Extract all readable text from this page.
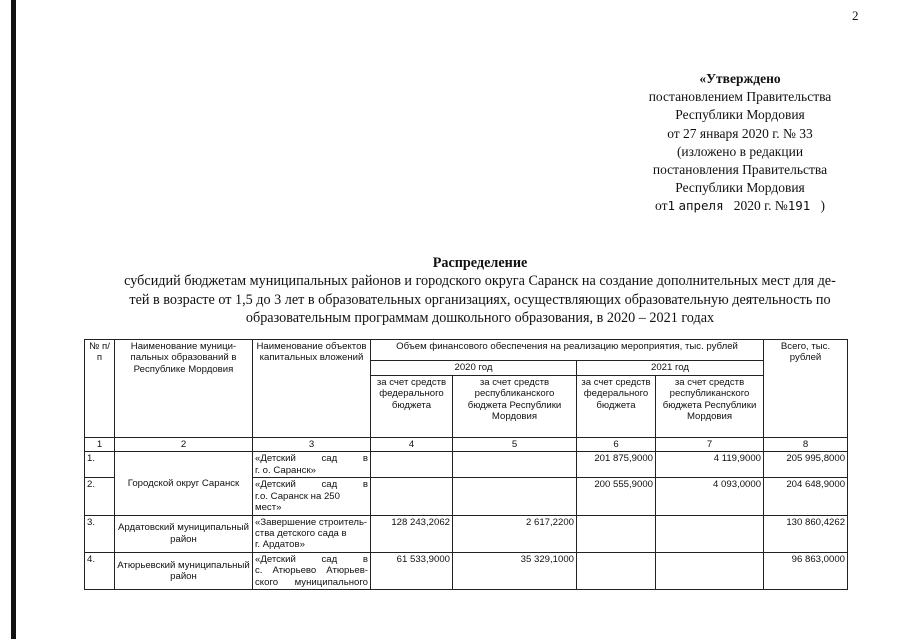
2
«Утверждено
постановлением Правительства
Республики Мордовия
от 27 января 2020 г. № 33
(изложено в редакции
постановления Правительства
Республики Мордовия
от1 апреля 2020 г. №191 )
Распределение
субсидий бюджетам муниципальных районов и городского округа Саранск на создание дополнительных мест для де-
тей в возрасте от 1,5 до 3 лет в образовательных организациях, осуществляющих образовательную деятельность по
образовательным программам дошкольного образования, в 2020 – 2021 годах
№ п/п	Наименование муници-пальных образований в Республике Мордовия	Наименование объектов капитальных вложений	Объем финансового обеспечения на реализацию мероприятия, тыс. рублей				Всего, тыс. рублей
			2020 год		2021 год		
			за счет средств федерального бюджета	за счет средств республиканского бюджета Республики Мордовия	за счет средств федерального бюджета	за счет средств республиканского бюджета Республики Мордовия	
1	2	3	4	5	6	7	8
1.	Городской округ Саранск	«Детский сад в
г. о. Саранск»			201 875,9000	4 119,9000	205 995,8000
2.		«Детский сад в
г.о. Саранск на 250 мест»			200 555,9000	4 093,0000	204 648,9000
3.	Ардатовский муниципальный район	«Завершение строитель-
ства детского сада в
г. Ардатов»	128 243,2062	2 617,2200			130 860,4262
4.	Атюрьевский муниципальный район	«Детский сад в
с. Атюрьево Атюрьев-
ского муниципального	61 533,9000	35 329,1000			96 863,0000
